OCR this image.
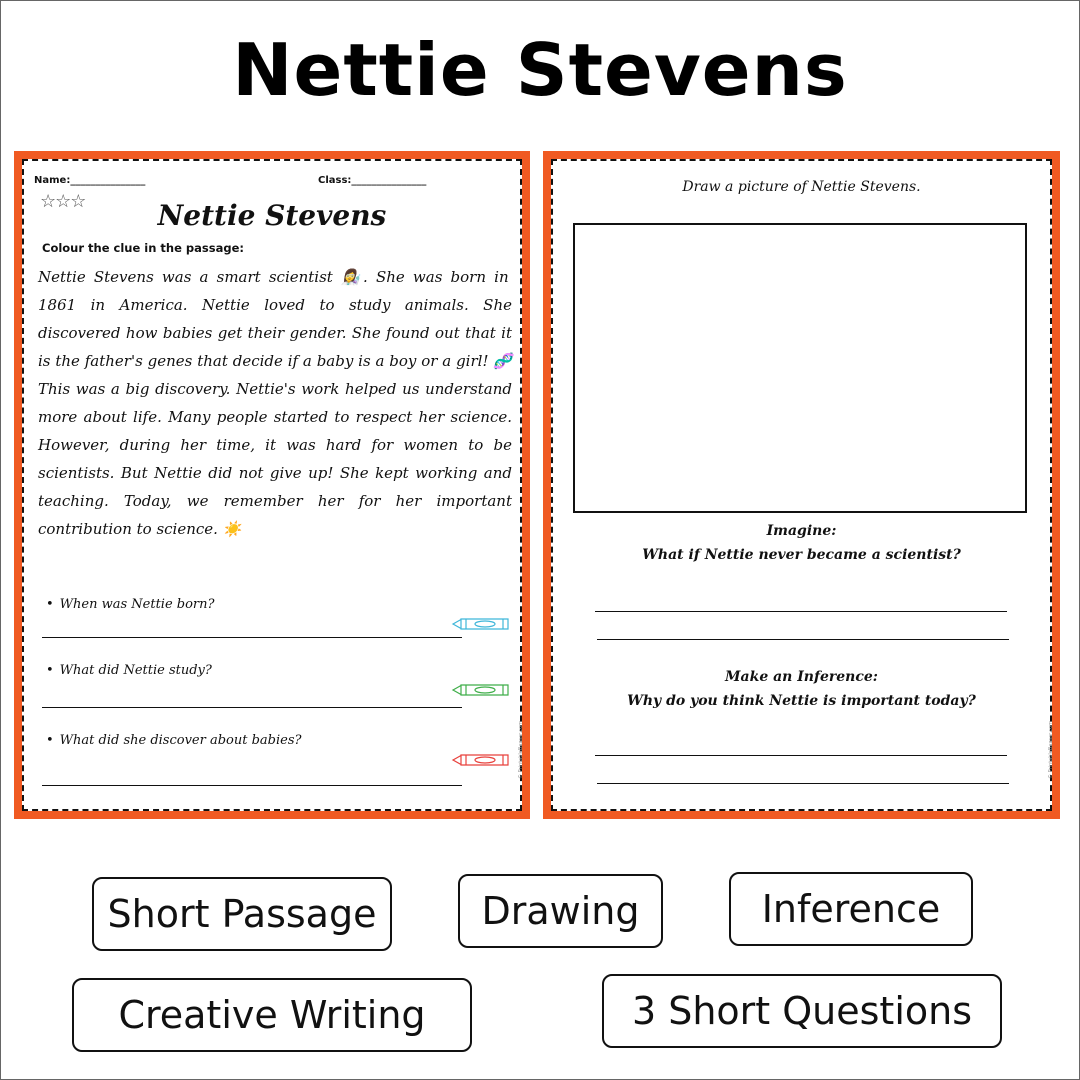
Nettie Stevens
Name:_______________	Class:_______________
☆☆☆	Nettie Stevens
Colour the clue in the passage:

Nettie Stevens was a smart scientist 👩‍🔬. She was born in 1861 in America. Nettie loved to study animals. She discovered how babies get their gender. She found out that it is the father's genes that decide if a baby is a boy or a girl! 🧬 This was a big discovery. Nettie's work helped us understand more about life. Many people started to respect her science. However, during her time, it was hard for women to be scientists. But Nettie did not give up! She kept working and teaching. Today, we remember her for her important contribution to science. ☀️

• When was Nettie born?
• What did Nettie study?
• What did she discover about babies?	© PrintableBazaar.com
Draw a picture of Nettie Stevens.
Imagine:
What if Nettie never became a scientist?
Make an Inference:
Why do you think Nettie is important today?
© PrintableBazaar.com
Short Passage	Drawing	Inference
Creative Writing	3 Short Questions
